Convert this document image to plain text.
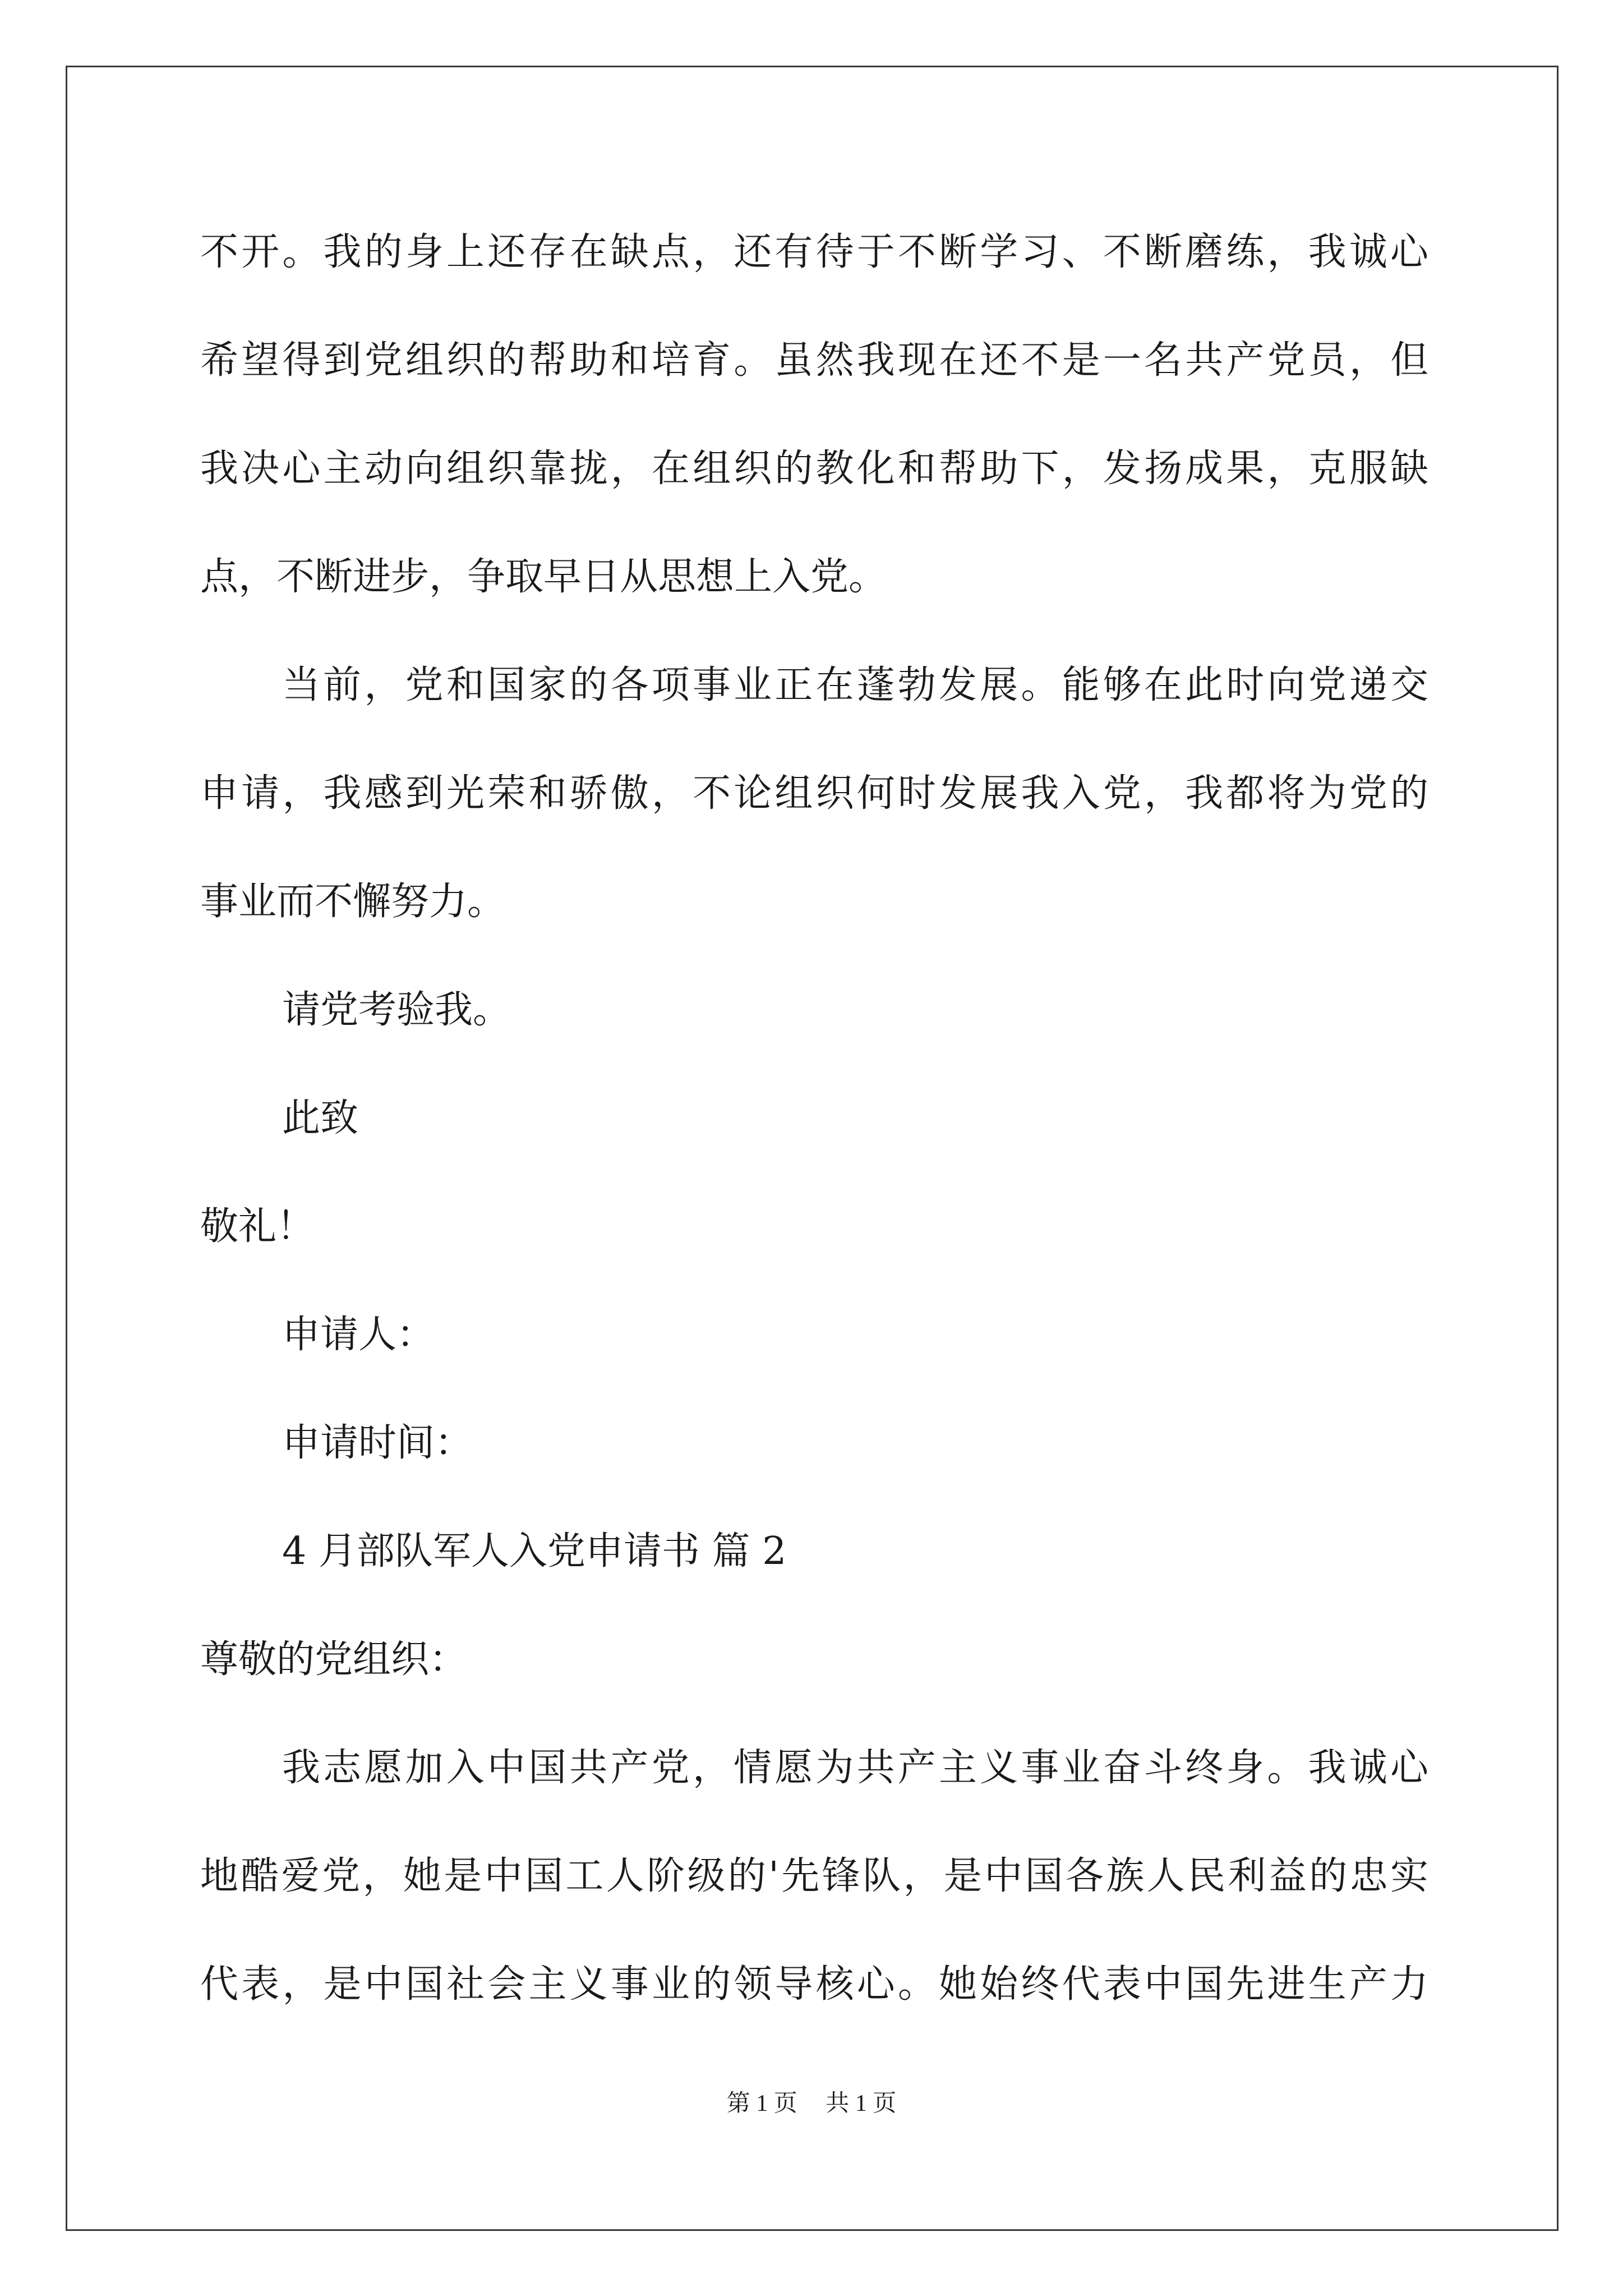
不开。我的身上还存在缺点，还有待于不断学习、不断磨练，我诚心
希望得到党组织的帮助和培育。虽然我现在还不是一名共产党员，但
我决心主动向组织靠拢，在组织的教化和帮助下，发扬成果，克服缺
点，不断进步，争取早日从思想上入党。
当前，党和国家的各项事业正在蓬勃发展。能够在此时向党递交
申请，我感到光荣和骄傲，不论组织何时发展我入党，我都将为党的
事业而不懈努力。
请党考验我。
此致
敬礼！
申请人：
申请时间：
4 月部队军人入党申请书 篇 2
尊敬的党组织：
我志愿加入中国共产党，情愿为共产主义事业奋斗终身。我诚心
地酷爱党，她是中国工人阶级的'先锋队，是中国各族人民利益的忠实
代表，是中国社会主义事业的领导核心。她始终代表中国先进生产力
第 1 页 共 1 页
